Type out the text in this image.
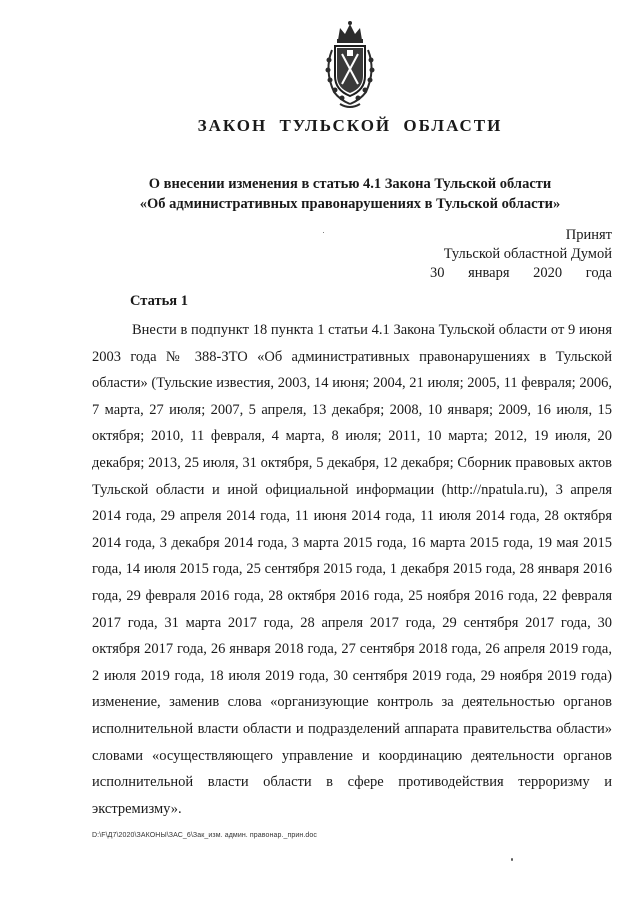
ЗАКОН ТУЛЬСКОЙ ОБЛАСТИ
О внесении изменения в статью 4.1 Закона Тульской области
«Об административных правонарушениях в Тульской области»
Принят
Тульской областной Думой
30 января 2020 года
Статья 1

Внести в подпункт 18 пункта 1 статьи 4.1 Закона Тульской области от 9 июня 2003 года № 388-ЗТО «Об административных правонарушениях в Тульской области» (Тульские известия, 2003, 14 июня; 2004, 21 июля; 2005, 11 февраля; 2006, 7 марта, 27 июля; 2007, 5 апреля, 13 декабря; 2008, 10 января; 2009, 16 июля, 15 октября; 2010, 11 февраля, 4 марта, 8 июля; 2011, 10 марта; 2012, 19 июля, 20 декабря; 2013, 25 июля, 31 октября, 5 декабря, 12 декабря; Сборник правовых актов Тульской области и иной официальной информации (http://npatula.ru), 3 апреля 2014 года, 29 апреля 2014 года, 11 июня 2014 года, 11 июля 2014 года, 28 октября 2014 года, 3 декабря 2014 года, 3 марта 2015 года, 16 марта 2015 года, 19 мая 2015 года, 14 июля 2015 года, 25 сентября 2015 года, 1 декабря 2015 года, 28 января 2016 года, 29 февраля 2016 года, 28 октября 2016 года, 25 ноября 2016 года, 22 февраля 2017 года, 31 марта 2017 года, 28 апреля 2017 года, 29 сентября 2017 года, 30 октября 2017 года, 26 января 2018 года, 27 сентября 2018 года, 26 апреля 2019 года, 2 июля 2019 года, 18 июля 2019 года, 30 сентября 2019 года, 29 ноября 2019 года) изменение, заменив слова «организующие контроль за деятельностью органов исполнительной власти области и подразделений аппарата правительства области» словами «осуществляющего управление и координацию деятельности органов исполнительной власти области в сфере противодействия терроризму и экстремизму».

D:\F\Д7\2020\ЗАКОНЫ\ЗАС_6\Зак_изм. админ. правонар._прин.doc
